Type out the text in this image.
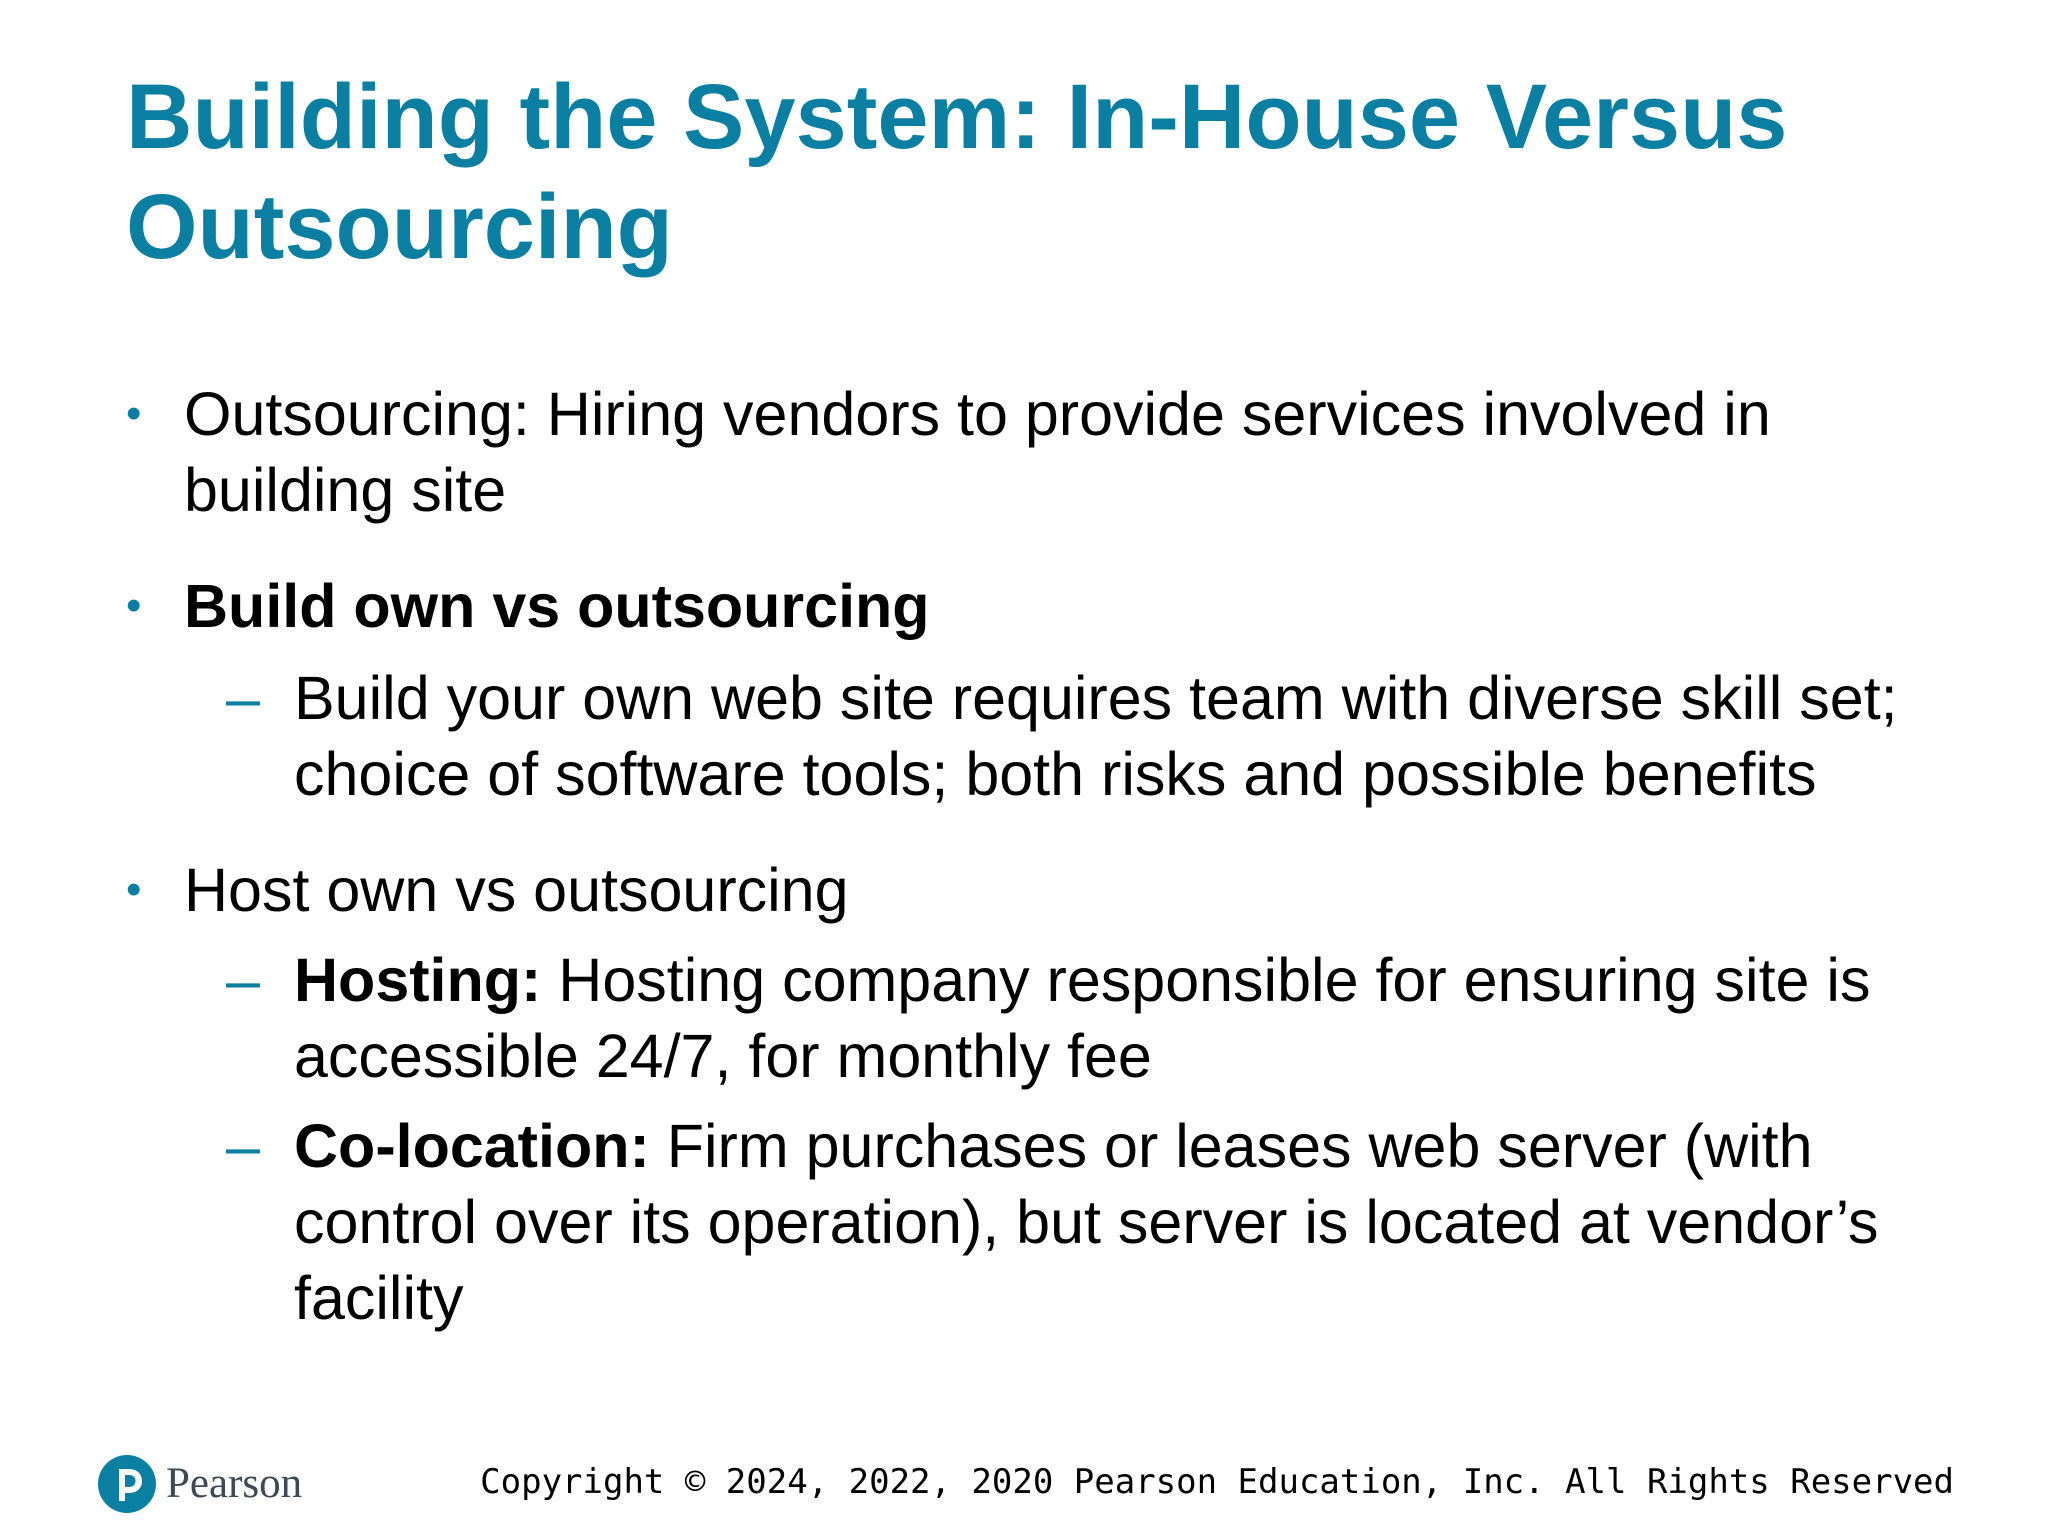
Building the System: In-House Versus Outsourcing
• Outsourcing: Hiring vendors to provide services involved in building site
• Build own vs outsourcing
– Build your own web site requires team with diverse skill set; choice of software tools; both risks and possible benefits
• Host own vs outsourcing
– Hosting: Hosting company responsible for ensuring site is accessible 24/7, for monthly fee
– Co-location: Firm purchases or leases web server (with control over its operation), but server is located at vendor’s facility
Pearson	Copyright © 2024, 2022, 2020 Pearson Education, Inc. All Rights Reserved
